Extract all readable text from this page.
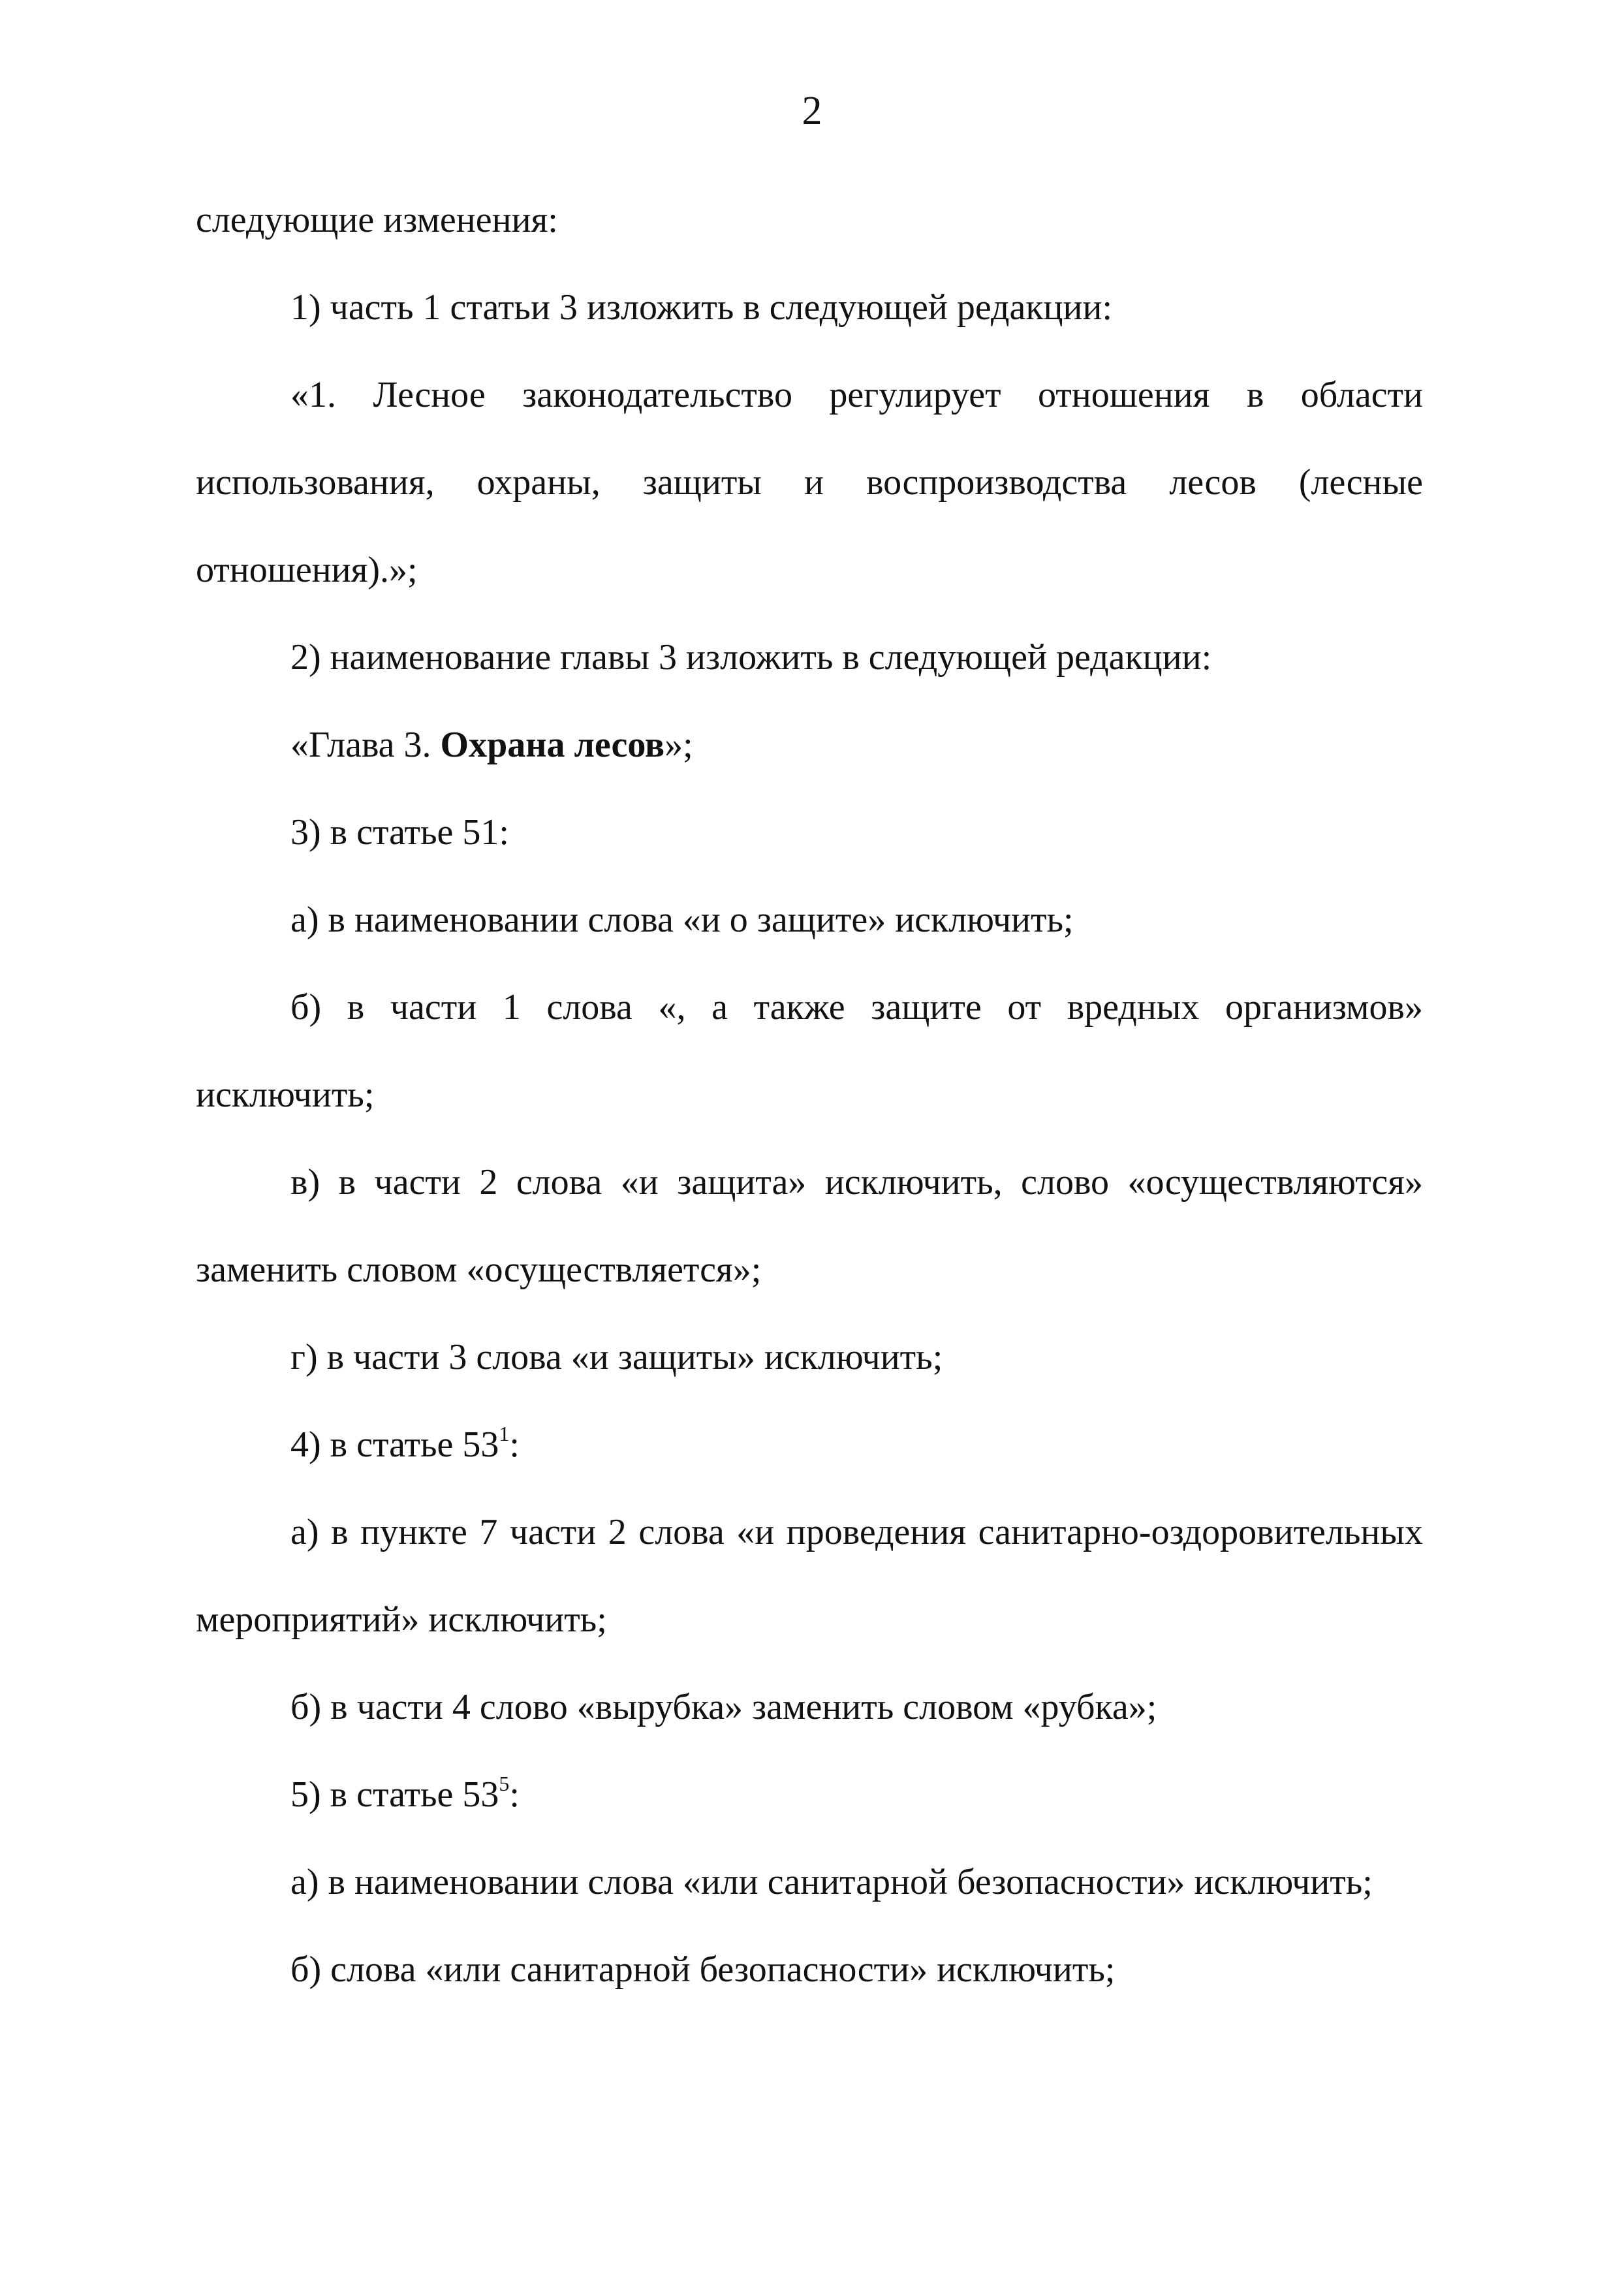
2

следующие изменения:

1) часть 1 статьи 3 изложить в следующей редакции:

«1. Лесное законодательство регулирует отношения в области использования, охраны, защиты и воспроизводства лесов (лесные отношения).»;

2) наименование главы 3 изложить в следующей редакции:

«Глава 3. Охрана лесов»;

3) в статье 51:

а) в наименовании слова «и о защите» исключить;

б) в части 1 слова «, а также защите от вредных организмов» исключить;

в) в части 2 слова «и защита» исключить, слово «осуществляются» заменить словом «осуществляется»;

г) в части 3 слова «и защиты» исключить;

4) в статье $53^1$:

а) в пункте 7 части 2 слова «и проведения санитарно-оздоровительных мероприятий» исключить;

б) в части 4 слово «вырубка» заменить словом «рубка»;

5) в статье $53^5$:

а) в наименовании слова «или санитарной безопасности» исключить;

б) слова «или санитарной безопасности» исключить;
